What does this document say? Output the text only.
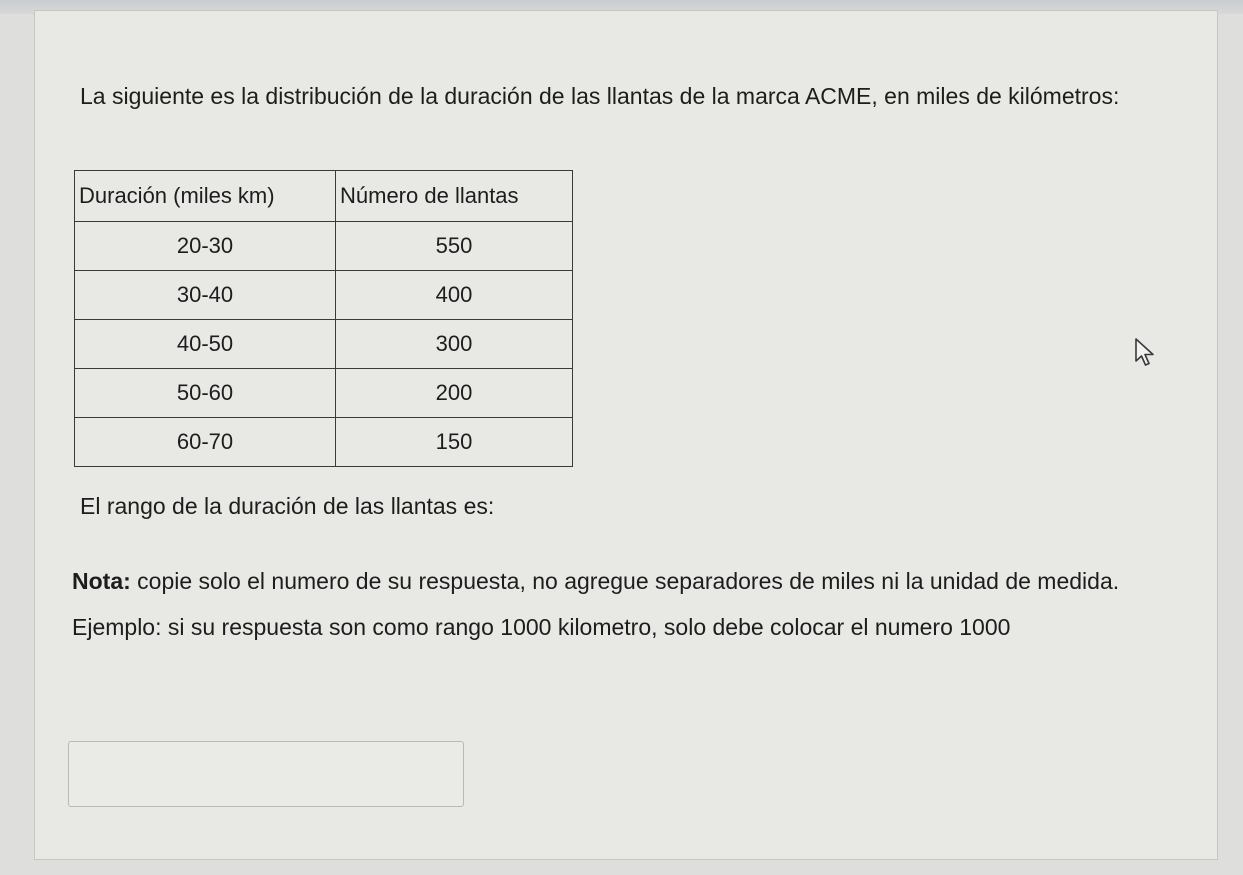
La siguiente es la distribución de la duración de las llantas de la marca ACME, en miles de kilómetros:

Duración (miles km)	Número de llantas
20-30	550
30-40	400
40-50	300
50-60	200
60-70	150

El rango de la duración de las llantas es:

Nota: copie solo el numero de su respuesta, no agregue separadores de miles ni la unidad de medida. Ejemplo: si su respuesta son como rango 1000 kilometro, solo debe colocar el numero 1000
